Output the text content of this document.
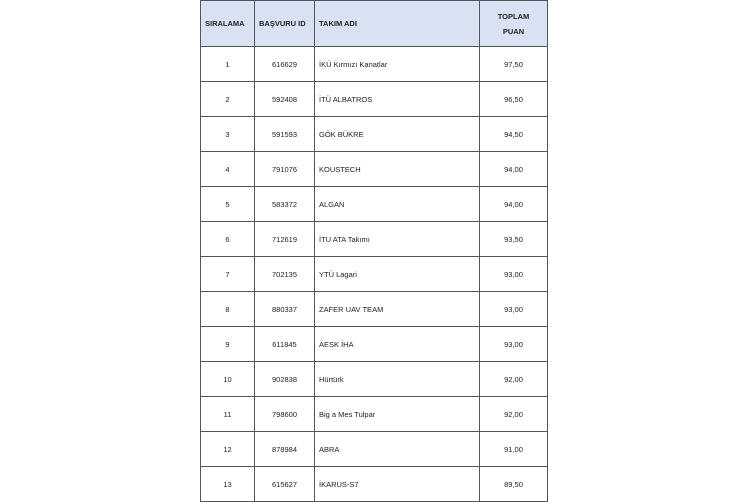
SIRALAMA	BAŞVURU ID	TAKIM ADI	TOPLAM
PUAN

1	616629	İKÜ Kırmızı Kanatlar	97,50
2	592408	İTÜ ALBATROS	96,50
3	591593	GÖK BÜKRE	94,50
4	791076	KOUSTECH	94,00
5	583372	ALGAN	94,00
6	712619	İTU ATA Takımı	93,50
7	702135	YTÜ Lagari	93,00
8	880337	ZAFER UAV TEAM	93,00
9	611845	AESK İHA	93,00
10	902838	Hürtürk	92,00
11	798600	Big a Mes Tulpar	92,00
12	878984	ABRA	91,00
13	615627	İKARUS-S7	89,50
